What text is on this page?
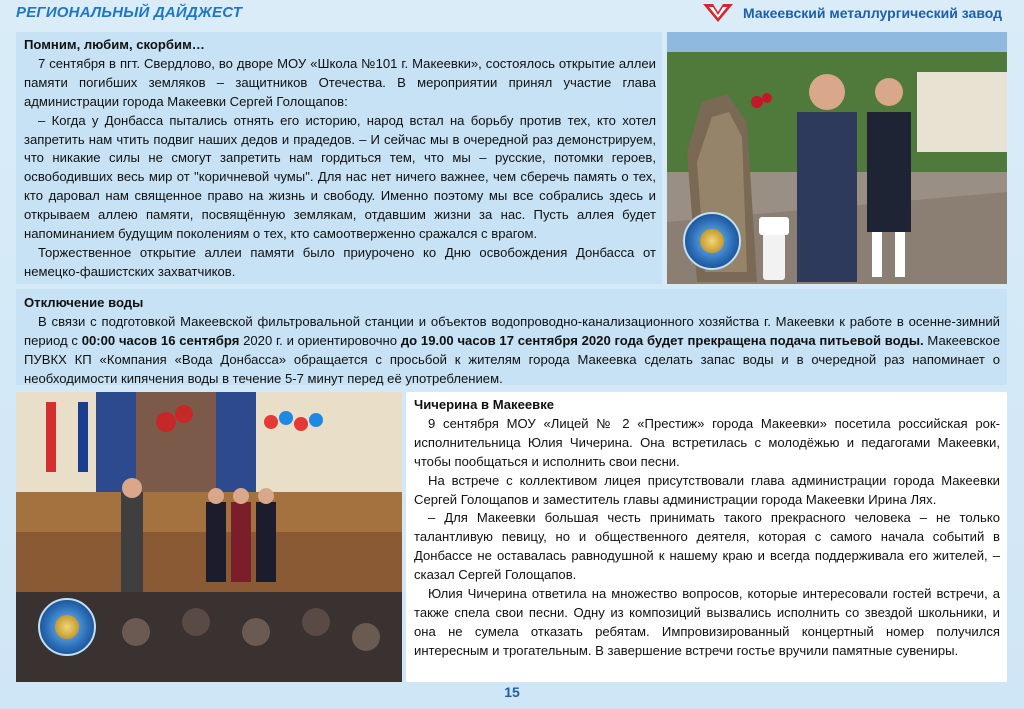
РЕГИОНАЛЬНЫЙ ДАЙДЖЕСТ	Макеевский металлургический завод

Помним, любим, скорбим…

7 сентября в пгт. Свердлово, во дворе МОУ «Школа №101 г. Макеевки», состоялось открытие аллеи памяти погибших земляков – защитников Отечества. В мероприятии принял участие глава администрации города Макеевки Сергей Голощапов:

– Когда у Донбасса пытались отнять его историю, народ встал на борьбу против тех, кто хотел запретить нам чтить подвиг наших дедов и прадедов. – И сейчас мы в очередной раз демонстрируем, что никакие силы не смогут запретить нам гордиться тем, что мы – русские, потомки героев, освободивших весь мир от "коричневой чумы". Для нас нет ничего важнее, чем сберечь память о тех, кто даровал нам священное право на жизнь и свободу. Именно поэтому мы все собрались здесь и открываем аллею памяти, посвящённую землякам, отдавшим жизни за нас. Пусть аллея будет напоминанием будущим поколениям о тех, кто самоотверженно сражался с врагом.

Торжественное открытие аллеи памяти было приурочено ко Дню освобождения Донбасса от немецко-фашистских захватчиков.

Отключение воды

В связи с подготовкой Макеевской фильтровальной станции и объектов водопроводно-канализационного хозяйства г. Макеевки к работе в осенне-зимний период с 00:00 часов 16 сентября 2020 г. и ориентировочно до 19.00 часов 17 сентября 2020 года будет прекращена подача питьевой воды. Макеевское ПУВКХ КП «Компания «Вода Донбасса» обращается с просьбой к жителям города Макеевка сделать запас воды и в очередной раз напоминает о необходимости кипячения воды в течение 5-7 минут перед её употреблением.

Чичерина в Макеевке

9 сентября МОУ «Лицей № 2 «Престиж» города Макеевки» посетила российская рок-исполнительница Юлия Чичерина. Она встретилась с молодёжью и педагогами Макеевки, чтобы пообщаться и исполнить свои песни.

На встрече с коллективом лицея присутствовали глава администрации города Макеевки Сергей Голощапов и заместитель главы администрации города Макеевки Ирина Лях.

– Для Макеевки большая честь принимать такого прекрасного человека – не только талантливую певицу, но и общественного деятеля, которая с самого начала событий в Донбассе не оставалась равнодушной к нашему краю и всегда поддерживала его жителей, – сказал Сергей Голощапов.

Юлия Чичерина ответила на множество вопросов, которые интересовали гостей встречи, а также спела свои песни. Одну из композиций вызвались исполнить со звездой школьники, и она не сумела отказать ребятам. Импровизированный концертный номер получился интересным и трогательным. В завершение встречи гостье вручили памятные сувениры.

15
